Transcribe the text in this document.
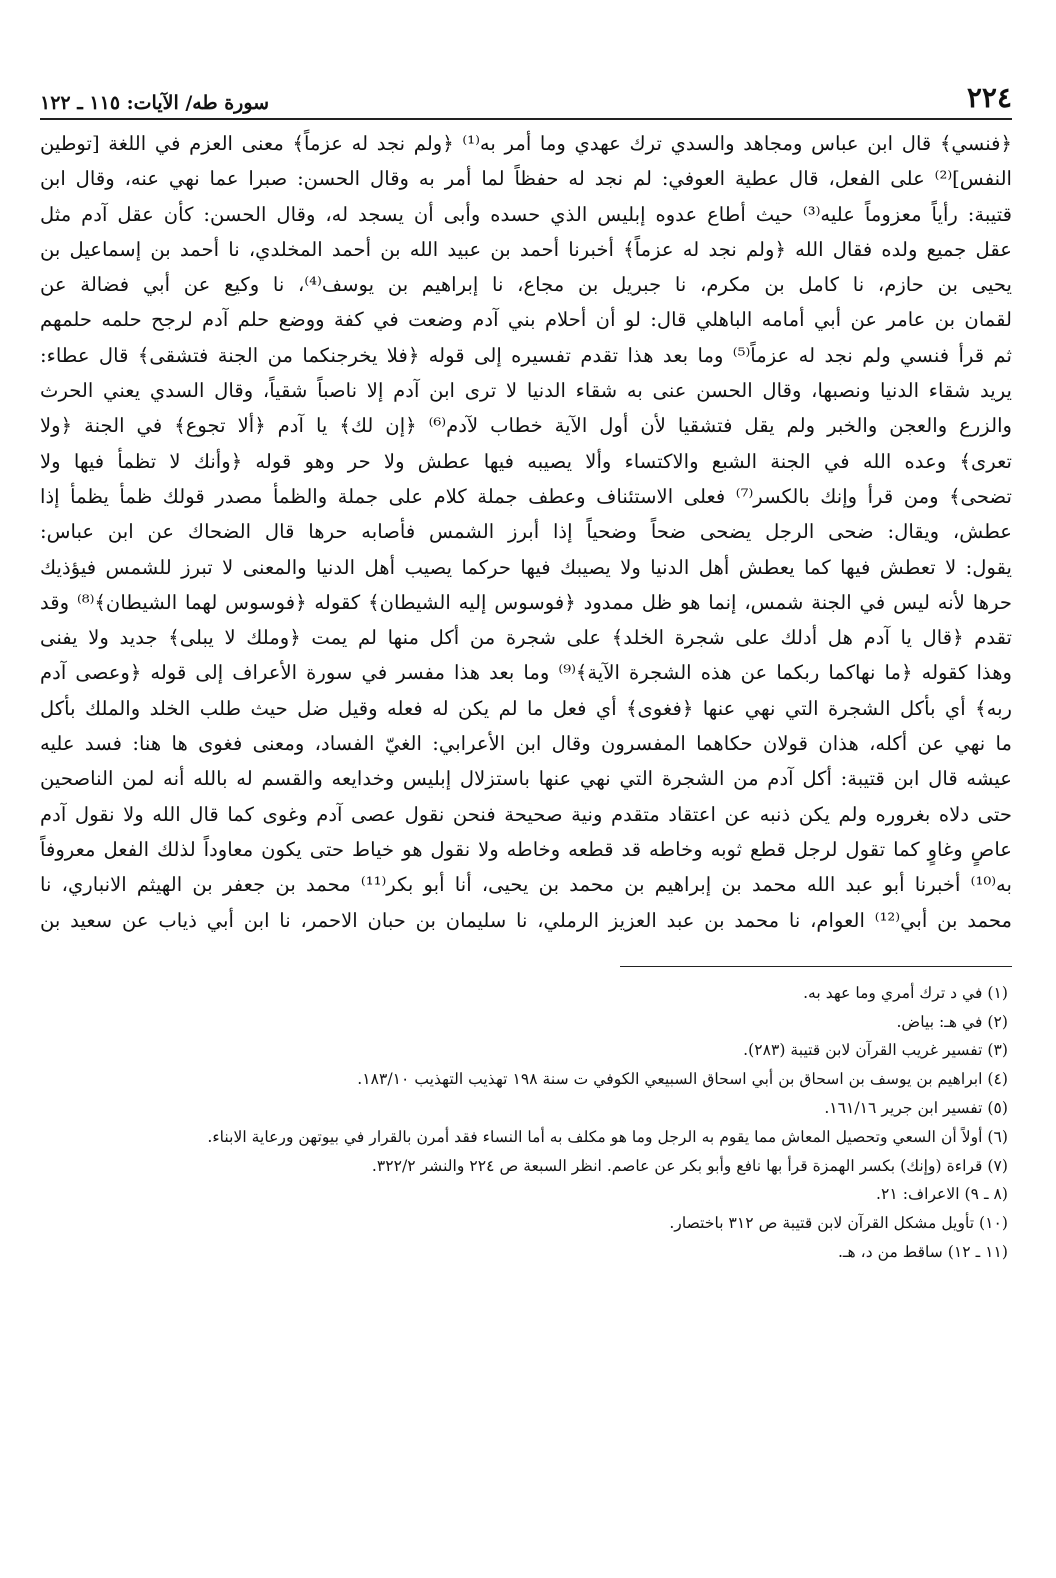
٢٢٤
سورة طه/ الآيات: ١١٥ ـ ١٢٢
﴿فنسي﴾ قال ابن عباس ومجاهد والسدي ترك عهدي وما أمر به⁽¹⁾ ﴿ولم نجد له عزماً﴾ معنى العزم في اللغة [توطين
النفس]⁽²⁾ على الفعل، قال عطية العوفي: لم نجد له حفظاً لما أمر به وقال الحسن: صبرا عما نهي عنه، وقال ابن
قتيبة: رأياً معزوماً عليه⁽³⁾ حيث أطاع عدوه إبليس الذي حسده وأبى أن يسجد له، وقال الحسن: كأن عقل آدم مثل
عقل جميع ولده فقال الله ﴿ولم نجد له عزماً﴾ أخبرنا أحمد بن عبيد الله بن أحمد المخلدي، نا أحمد بن إسماعيل بن
يحيى بن حازم، نا كامل بن مكرم، نا جبريل بن مجاع، نا إبراهيم بن يوسف⁽⁴⁾، نا وكيع عن أبي فضالة عن
لقمان بن عامر عن أبي أمامه الباهلي قال: لو أن أحلام بني آدم وضعت في كفة ووضع حلم آدم لرجح حلمه حلمهم
ثم قرأ فنسي ولم نجد له عزماً⁽⁵⁾ وما بعد هذا تقدم تفسيره إلى قوله ﴿فلا يخرجنكما من الجنة فتشقى﴾ قال عطاء:
يريد شقاء الدنيا ونصبها، وقال الحسن عنى به شقاء الدنيا لا ترى ابن آدم إلا ناصباً شقياً، وقال السدي يعني الحرث
والزرع والعجن والخبر ولم يقل فتشقيا لأن أول الآية خطاب لآدم⁽⁶⁾ ﴿إن لك﴾ يا آدم ﴿ألا تجوع﴾ في الجنة ﴿ولا
تعرى﴾ وعده الله في الجنة الشبع والاكتساء وألا يصيبه فيها عطش ولا حر وهو قوله ﴿وأنك لا تظمأ فيها ولا
تضحى﴾ ومن قرأ وإنك بالكسر⁽⁷⁾ فعلى الاستئناف وعطف جملة كلام على جملة والظمأ مصدر قولك ظمأ يظمأ إذا
عطش، ويقال: ضحى الرجل يضحى ضحاً وضحياً إذا أبرز الشمس فأصابه حرها قال الضحاك عن ابن عباس:
يقول: لا تعطش فيها كما يعطش أهل الدنيا ولا يصيبك فيها حركما يصيب أهل الدنيا والمعنى لا تبرز للشمس فيؤذيك
حرها لأنه ليس في الجنة شمس، إنما هو ظل ممدود ﴿فوسوس إليه الشيطان﴾ كقوله ﴿فوسوس لهما الشيطان﴾⁽⁸⁾ وقد
تقدم ﴿قال يا آدم هل أدلك على شجرة الخلد﴾ على شجرة من أكل منها لم يمت ﴿وملك لا يبلى﴾ جديد ولا يفنى
وهذا كقوله ﴿ما نهاكما ربكما عن هذه الشجرة الآية﴾⁽⁹⁾ وما بعد هذا مفسر في سورة الأعراف إلى قوله ﴿وعصى آدم
ربه﴾ أي بأكل الشجرة التي نهي عنها ﴿فغوى﴾ أي فعل ما لم يكن له فعله وقيل ضل حيث طلب الخلد والملك بأكل
ما نهي عن أكله، هذان قولان حكاهما المفسرون وقال ابن الأعرابي: الغيّ الفساد، ومعنى فغوى ها هنا: فسد عليه
عيشه قال ابن قتيبة: أكل آدم من الشجرة التي نهي عنها باستزلال إبليس وخدايعه والقسم له بالله أنه لمن الناصحين
حتى دلاه بغروره ولم يكن ذنبه عن اعتقاد متقدم ونية صحيحة فنحن نقول عصى آدم وغوى كما قال الله ولا نقول آدم
عاصٍ وغاوٍ كما تقول لرجل قطع ثوبه وخاطه قد قطعه وخاطه ولا نقول هو خياط حتى يكون معاوداً لذلك الفعل معروفاً
به⁽¹⁰⁾ أخبرنا أبو عبد الله محمد بن إبراهيم بن محمد بن يحيى، أنا أبو بكر⁽¹¹⁾ محمد بن جعفر بن الهيثم الانباري، نا
محمد بن أبي⁽¹²⁾ العوام، نا محمد بن عبد العزيز الرملي، نا سليمان بن حبان الاحمر، نا ابن أبي ذياب عن سعيد بن
(١) في د ترك أمري وما عهد به.
(٢) في هـ: بياض.
(٣) تفسير غريب القرآن لابن قتيبة (٢٨٣).
(٤) ابراهيم بن يوسف بن اسحاق بن أبي اسحاق السبيعي الكوفي ت سنة ١٩٨ تهذيب التهذيب ١٨٣/١٠.
(٥) تفسير ابن جرير ١٦١/١٦.
(٦) أولاً أن السعي وتحصيل المعاش مما يقوم به الرجل وما هو مكلف به أما النساء فقد أمرن بالقرار في بيوتهن ورعاية الابناء.
(٧) قراءة (وإنك) بكسر الهمزة قرأ بها نافع وأبو بكر عن عاصم. انظر السبعة ص ٢٢٤ والنشر ٣٢٢/٢.
(٨ ـ ٩) الاعراف: ٢١.
(١٠) تأويل مشكل القرآن لابن قتيبة ص ٣١٢ باختصار.
(١١ ـ ١٢) ساقط من د، هـ.
